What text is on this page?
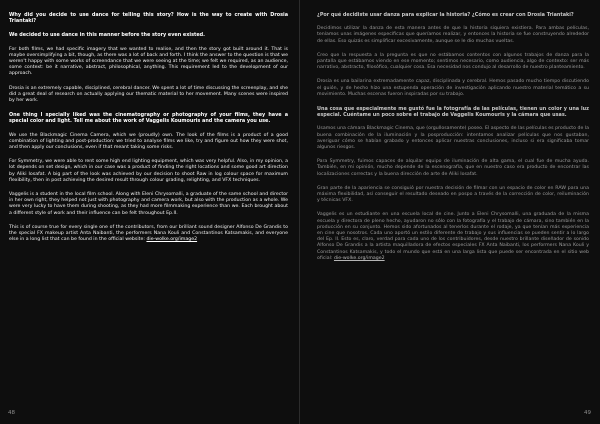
Why did you decide to use dance for telling this story? How is the way to create with Drosia Triantaki?
We decided to use dance in this manner before the story even existed.
For both films, we had specific imagery that we wanted to realise, and then the story got built around it. That is maybe oversimplifying a bit, though, as there was a lot of back and forth. I think the answer to the question is that we weren't happy with some works of screendance that we were seeing at the time; we felt we required, as an audience, some context: be it narrative, abstract, philosophical, anything. This requirement led to the development of our approach.
Drosia is an extremely capable, disciplined, cerebral dancer. We spent a lot of time discussing the screenplay, and she did a great deal of research on actually applying our thematic material to her movement. Many scenes were inspired by her work.
One thing I specially liked was the cinematography or photography of your films, they have a special color and light. Tell me about the work of Vaggelis Koumouris and the camera you use.
We use the Blackmagic Cinema Camera, which we (proudly) own. The look of the films is a product of a good combination of lighting and post-production: we tried to analyse films we like, try and figure out how they were shot, and then apply our conclusions, even if that meant taking some risks.
For Symmetry, we were able to rent some high end lighting equipment, which was very helpful. Also, in my opinion, a lot depends on set design, which in our case was a product of finding the right locations and some good art direction by Aliki Iosafat. A big part of the look was achieved by our decision to shoot Raw in log colour space for maximum flexibility, then in post achieving the desired result through colour grading, relighting, and VFX techniques.
Vaggelis is a student in the local film school. Along with Eleni Chrysomalli, a graduate of the same school and director in her own right, they helped not just with photography and camera work, but also with the production as a whole. We were very lucky to have them during shooting, as they had more filmmaking experience than we. Each brought about a different style of work and their influence can be felt throughout Ep.II.
This is of course true for every single one of the contributors, from our brilliant sound designer Alfonso De Grandis to the special FX makeup artist Anta Naibanti, the performers Nana Kouli and Constantinos Katsamakis, and everyone else in a long list that can be found in the official website: die-wolke.org/image2
48
¿Por qué decidiste usar danza para explicar la historia? ¿Cómo es crear con Drosia Triantaki?
Decidimos utilizar la danza de esta manera antes de que la historia siquiera existiera. Para ambas películas, teníamos unas imágenes específicas que queríamos realizar, y entonces la historia se fue construyendo alrededor de ellas. Eso quizás es simplificar excesivamente, aunque se le dio muchas vueltas.
Creo que la respuesta a la pregunta es que no estábamos contentos con algunos trabajos de danza para la pantalla que estábamos viendo en ese momento; sentimos necesario, como audiencia, algo de contexto: ser más narrativo, abstracto, filosófico, cualquier cosa. Esa necesidad nos condujo al desarrollo de nuestro planteamiento.
Drosia es una bailarina extremadamente capaz, disciplinada y cerebral. Hemos pasado mucho tiempo discutiendo el guión, y de hecho hizo una estupenda operación de investigación aplicando nuestro material temático a su movimiento. Muchas escenas fueron inspiradas por su trabajo.
Una cosa que especialmente me gustó fue la fotografía de las películas, tienen un color y una luz especial. Cuéntame un poco sobre el trabajo de Vaggelis Koumouris y la cámara que usas.
Usamos una cámara Blackmagic Cinema, que (orgullosamente) poseo. El aspecto de las películas es producto de la buena combinación de la iluminación y la posproducción: intentamos analizar películas que nos gustaban, averiguar cómo se habían grabado y entonces aplicar nuestras conclusiones, incluso si era significaba tomar algunos riesgos.
Para Symmetry, fuimos capaces de alquilar equipo de iluminación de alta gama, el cual fue de mucha ayuda. También, en mi opinión, mucho depende de la escenografía, que en nuestro caso era producto de encontrar las localizaciones correctas y la buena dirección de arte de Aliki Iosafat.
Gran parte de la apariencia se consiguió por nuestra decisión de filmar con un espacio de color en RAW para una máxima flexibilidad, así conseguir el resultado deseado en pospo a través de la corrección de color, reiluminación y técnicas VFX.
Vaggelis es un estudiante en una escuela local de cine. Junto a Eleni Chrysomalli, una graduada de la misma escuela y directora de pleno hecho, ayudaron no sólo con la fotografía y el trabajo de cámara, sino también en la producción en su conjunto. Hemos sido afortunados al tenerlos durante el rodaje, ya que tenían más experiencia en cine que nosotros. Cada uno aportó un estilo diferente de trabajo y sus influencias se pueden sentir a lo largo del Ep. II. Esto es, claro, verdad para cada uno de los contribuidores, desde nuestro brillante diseñador de sonido Alfonso De Grandis a la artista maquilladora de efectos especiales FX Anta Naibanti, los performers Nana Kouli y Constantinos Katsamakis, y todo el mundo que está en una larga lista que puede ser encontrada en el sitio web oficial: die-wolke.org/image2
49
